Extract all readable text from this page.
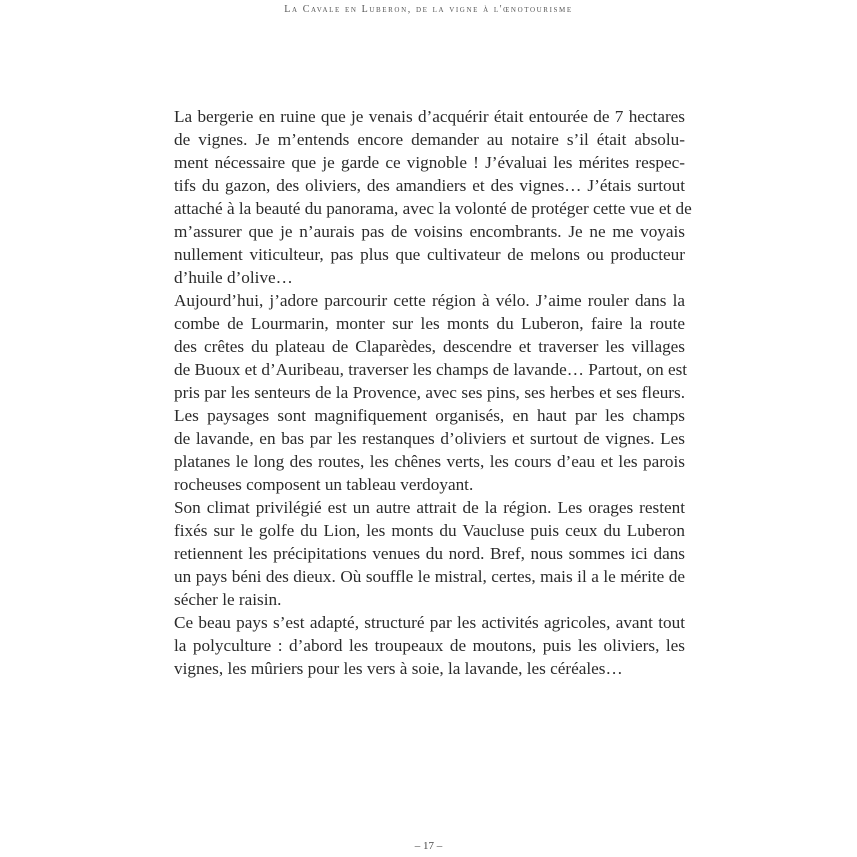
La Cavale en Luberon, de la vigne à l'œnotourisme
La bergerie en ruine que je venais d’acquérir était entourée de 7 hectares
de vignes. Je m’entends encore demander au notaire s’il était absolu-
ment nécessaire que je garde ce vignoble ! J’évaluai les mérites respec-
tifs du gazon, des oliviers, des amandiers et des vignes… J’étais surtout
attaché à la beauté du panorama, avec la volonté de protéger cette vue et de
m’assurer que je n’aurais pas de voisins encombrants. Je ne me voyais
nullement viticulteur, pas plus que cultivateur de melons ou producteur
d’huile d’olive…
Aujourd’hui, j’adore parcourir cette région à vélo. J’aime rouler dans la
combe de Lourmarin, monter sur les monts du Luberon, faire la route
des crêtes du plateau de Claparèdes, descendre et traverser les villages
de Buoux et d’Auribeau, traverser les champs de lavande… Partout, on est
pris par les senteurs de la Provence, avec ses pins, ses herbes et ses fleurs.
Les paysages sont magnifiquement organisés, en haut par les champs
de lavande, en bas par les restanques d’oliviers et surtout de vignes. Les
platanes le long des routes, les chênes verts, les cours d’eau et les parois
rocheuses composent un tableau verdoyant.
Son climat privilégié est un autre attrait de la région. Les orages restent
fixés sur le golfe du Lion, les monts du Vaucluse puis ceux du Luberon
retiennent les précipitations venues du nord. Bref, nous sommes ici dans
un pays béni des dieux. Où souffle le mistral, certes, mais il a le mérite de
sécher le raisin.
Ce beau pays s’est adapté, structuré par les activités agricoles, avant tout
la polyculture : d’abord les troupeaux de moutons, puis les oliviers, les
vignes, les mûriers pour les vers à soie, la lavande, les céréales…
– 17 –
